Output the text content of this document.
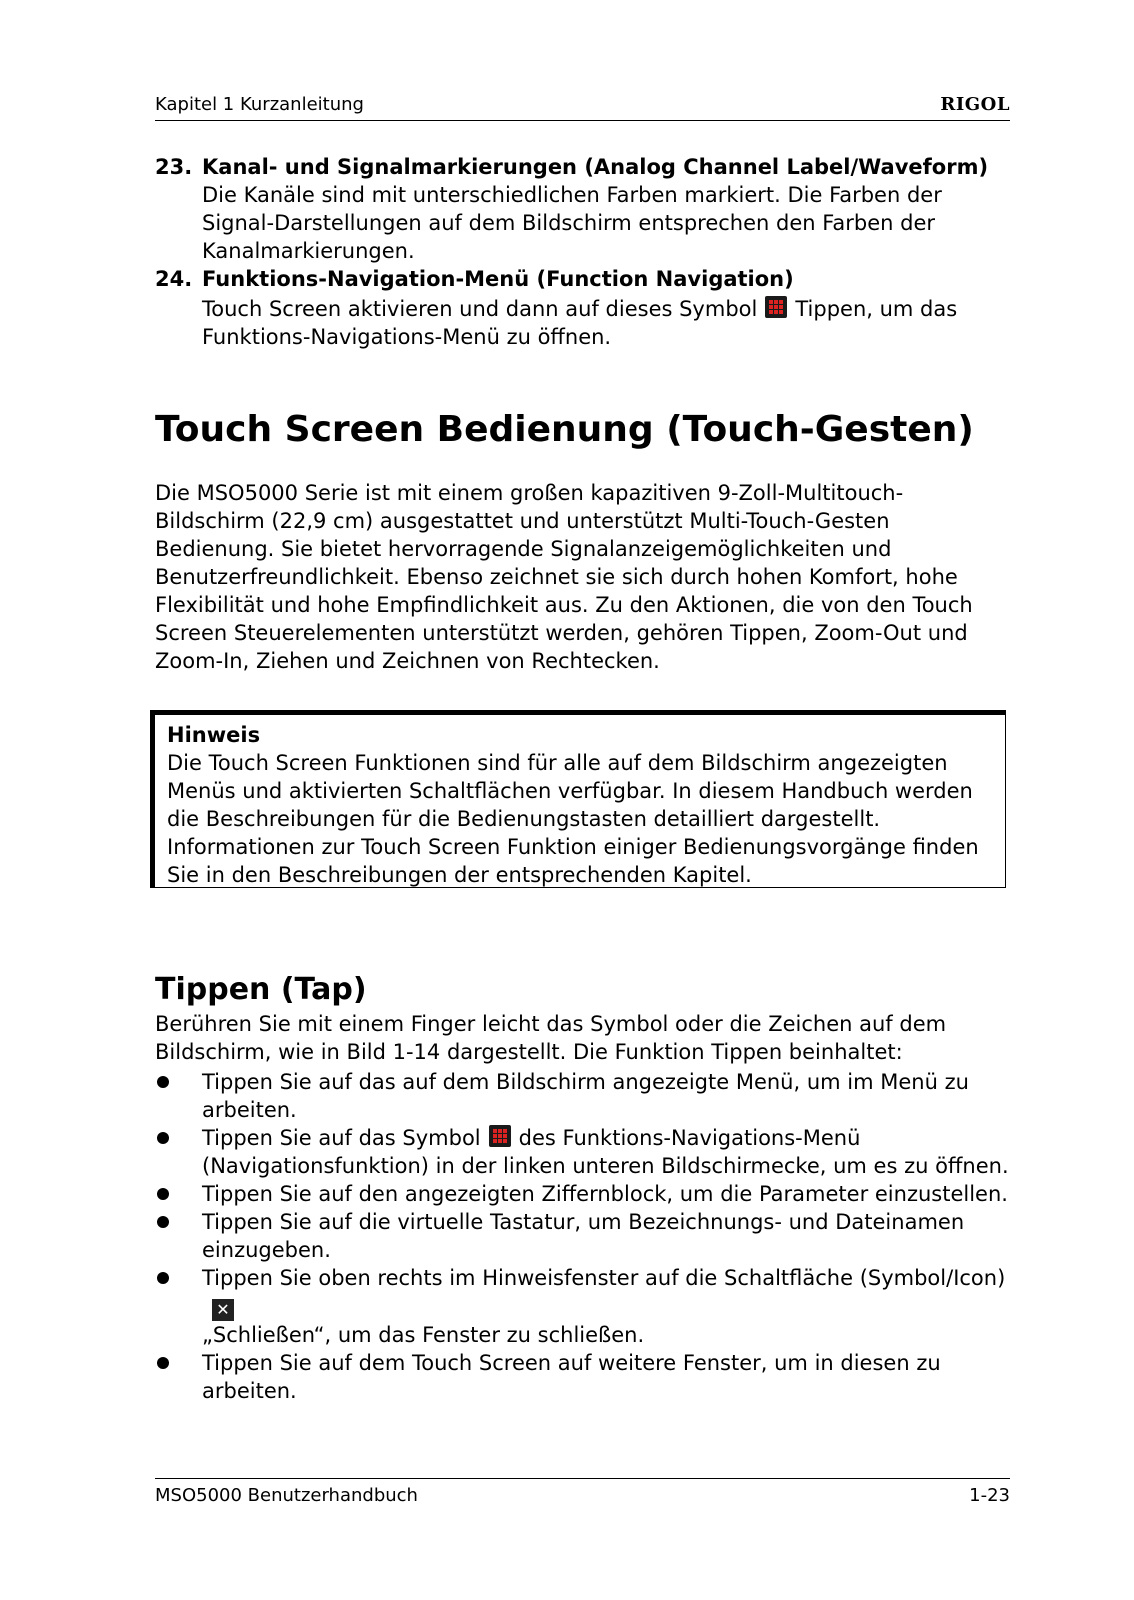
Kapitel 1 Kurzanleitung	RIGOL
23. Kanal- und Signalmarkierungen (Analog Channel Label/Waveform)
Die Kanäle sind mit unterschiedlichen Farben markiert. Die Farben der Signal-Darstellungen auf dem Bildschirm entsprechen den Farben der Kanalmarkierungen.
24. Funktions-Navigation-Menü (Function Navigation)
Touch Screen aktivieren und dann auf dieses Symbol Tippen, um das Funktions-Navigations-Menü zu öffnen.
Touch Screen Bedienung (Touch-Gesten)
Die MSO5000 Serie ist mit einem großen kapazitiven 9-Zoll-Multitouch-Bildschirm (22,9 cm) ausgestattet und unterstützt Multi-Touch-Gesten Bedienung. Sie bietet hervorragende Signalanzeigemöglichkeiten und Benutzerfreundlichkeit. Ebenso zeichnet sie sich durch hohen Komfort, hohe Flexibilität und hohe Empfindlichkeit aus. Zu den Aktionen, die von den Touch Screen Steuerelementen unterstützt werden, gehören Tippen, Zoom-Out und Zoom-In, Ziehen und Zeichnen von Rechtecken.
Hinweis
Die Touch Screen Funktionen sind für alle auf dem Bildschirm angezeigten Menüs und aktivierten Schaltflächen verfügbar. In diesem Handbuch werden die Beschreibungen für die Bedienungstasten detailliert dargestellt. Informationen zur Touch Screen Funktion einiger Bedienungsvorgänge finden Sie in den Beschreibungen der entsprechenden Kapitel.
Tippen (Tap)
Berühren Sie mit einem Finger leicht das Symbol oder die Zeichen auf dem Bildschirm, wie in Bild 1-14 dargestellt. Die Funktion Tippen beinhaltet:
Tippen Sie auf das auf dem Bildschirm angezeigte Menü, um im Menü zu arbeiten.
Tippen Sie auf das Symbol des Funktions-Navigations-Menü (Navigationsfunktion) in der linken unteren Bildschirmecke, um es zu öffnen.
Tippen Sie auf den angezeigten Ziffernblock, um die Parameter einzustellen.
Tippen Sie auf die virtuelle Tastatur, um Bezeichnungs- und Dateinamen einzugeben.
Tippen Sie oben rechts im Hinweisfenster auf die Schaltfläche (Symbol/Icon)✕
„Schließen“, um das Fenster zu schließen.
Tippen Sie auf dem Touch Screen auf weitere Fenster, um in diesen zu arbeiten.
MSO5000 Benutzerhandbuch	1-23
